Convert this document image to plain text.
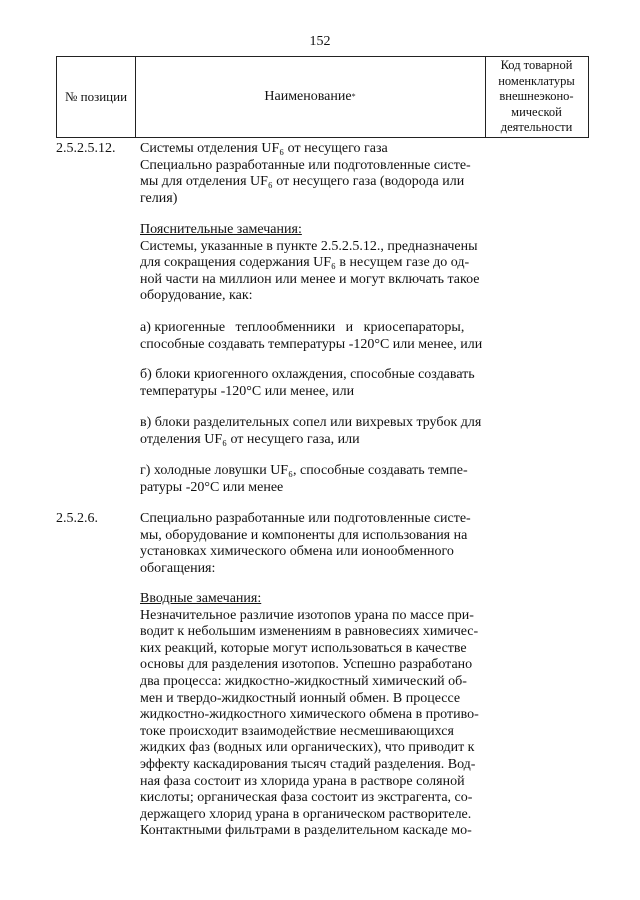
152
№ позиции	Наименование *
Код товарной
номенклатуры
внешнеэконо-
мической
деятельности
2.5.2.5.12. Системы отделения UF₆ от несущего газа
Специально разработанные или подготовленные систе-
мы для отделения UF₆ от несущего газа (водорода или
гелия)
Пояснительные замечания:
Системы, указанные в пункте 2.5.2.5.12., предназначены
для сокращения содержания UF₆ в несущем газе до од-
ной части на миллион или менее и могут включать такое
оборудование, как:
а) криогенные   теплообменники   и   криосепараторы,
способные создавать температуры -120°С или менее, или
б) блоки криогенного охлаждения, способные создавать
температуры -120°С или менее, или
в) блоки разделительных сопел или вихревых трубок для
отделения UF₆ от несущего газа, или
г) холодные ловушки UF₆, способные создавать темпе-
ратуры -20°С или менее
2.5.2.6.	Специально разработанные или подготовленные систе-
мы, оборудование и компоненты для использования на
установках химического обмена или ионообменного
обогащения:
Вводные замечания:
Незначительное различие изотопов урана по массе при-
водит к небольшим изменениям в равновесиях химичес-
ких реакций, которые могут использоваться в качестве
основы для разделения изотопов. Успешно разработано
два процесса: жидкостно-жидкостный химический об-
мен и твердо-жидкостный ионный обмен. В процессе
жидкостно-жидкостного химического обмена в противо-
токе происходит взаимодействие несмешивающихся
жидких фаз (водных или органических), что приводит к
эффекту каскадирования тысяч стадий разделения. Вод-
ная фаза состоит из хлорида урана в растворе соляной
кислоты; органическая фаза состоит из экстрагента, со-
держащего хлорид урана в органическом растворителе.
Контактными фильтрами в разделительном каскаде мо-
